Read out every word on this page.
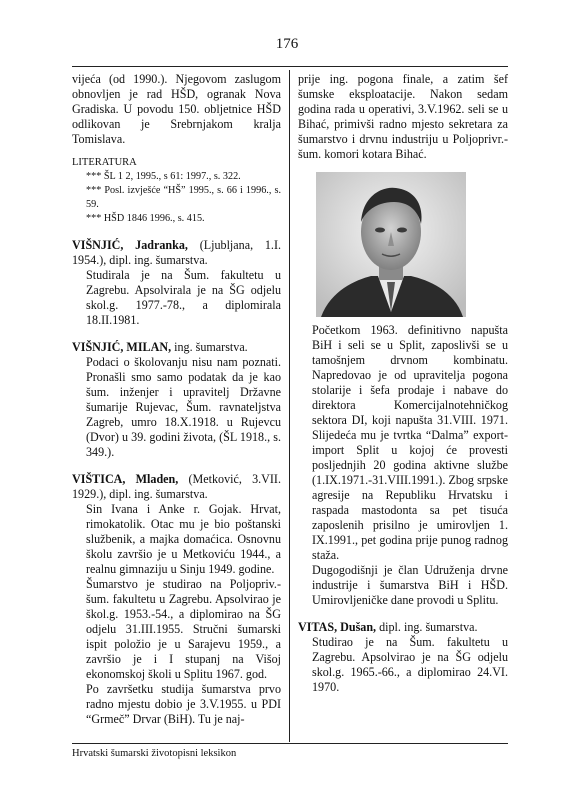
176

vijeća (od 1990.). Njegovom zaslugom obnovljen je rad HŠD, ogranak Nova Gradiska. U povodu 150. obljetnice HŠD odlikovan je Srebrnjakom kralja Tomislava.

LITERATURA

*** ŠL 1 2, 1995., s 61: 1997., s. 322.

*** Posl. izvješće “HŠ” 1995., s. 66 i 1996., s. 59.

*** HŠD 1846 1996., s. 415.

VIŠNJIĆ, Jadranka, (Ljubljana, 1.I. 1954.), dipl. ing. šumarstva.

Studirala je na Šum. fakultetu u Zagrebu. Apsolvirala je na ŠG odjelu skol.g. 1977.-78., a diplomirala 18.II.1981.

VIŠNJIĆ, MILAN, ing. šumarstva.

Podaci o školovanju nisu nam poznati. Pronašli smo samo podatak da je kao šum. inženjer i upravitelj Državne šumarije Rujevac, Šum. ravnateljstva Zagreb, umro 18.X.1918. u Rujevcu (Dvor) u 39. godini života, (ŠL 1918., s. 349.).

VIŠTICA, Mladen, (Metković, 3.VII. 1929.), dipl. ing. šumarstva.

Sin Ivana i Anke r. Gojak. Hrvat, rimokatolik. Otac mu je bio poštanski službenik, a majka domaćica. Osnovnu školu završio je u Metkoviću 1944., a realnu gimnaziju u Sinju 1949. godine.

Šumarstvo je studirao na Poljopriv.-šum. fakultetu u Zagrebu. Apsolvirao je škol.g. 1953.-54., a diplomirao na ŠG odjelu 31.III.1955. Stručni šumarski ispit položio je u Sarajevu 1959., a završio je i I stupanj na Višoj ekonomskoj školi u Splitu 1967. god.

Po završetku studija šumarstva prvo radno mjestu dobio je 3.V.1955. u PDI “Grmeč” Drvar (BiH). Tu je naj-

prije ing. pogona finale, a zatim šef šumske eksploatacije. Nakon sedam godina rada u operativi, 3.V.1962. seli se u Bihać, primivši radno mjesto sekretara za šumarstvo i drvnu industriju u Poljoprivr.-šum. komori kotara Bihać.

Početkom 1963. definitivno napušta BiH i seli se u Split, zaposlivši se u tamošnjem drvnom kombinatu. Napredovao je od upravitelja pogona stolarije i šefa prodaje i nabave do direktora Komercijalnotehničkog sektora DI, koji napušta 31.VIII. 1971. Slijedeća mu je tvrtka “Dalma” export-import Split u kojoj će provesti posljednjih 20 godina aktivne službe (1.IX.1971.-31.VIII.1991.). Zbog srpske agresije na Republiku Hrvatsku i raspada mastodonta sa pet tisuća zaposlenih prisilno je umirovljen 1. IX.1991., pet godina prije punog radnog staža.

Dugogodišnji je član Udruženja drvne industrije i šumarstva BiH i HŠD. Umirovljeničke dane provodi u Splitu.

VITAS, Dušan, dipl. ing. šumarstva.

Studirao je na Šum. fakultetu u Zagrebu. Apsolvirao je na ŠG odjelu skol.g. 1965.-66., a diplomirao 24.VI. 1970.

Hrvatski šumarski životopisni leksikon
